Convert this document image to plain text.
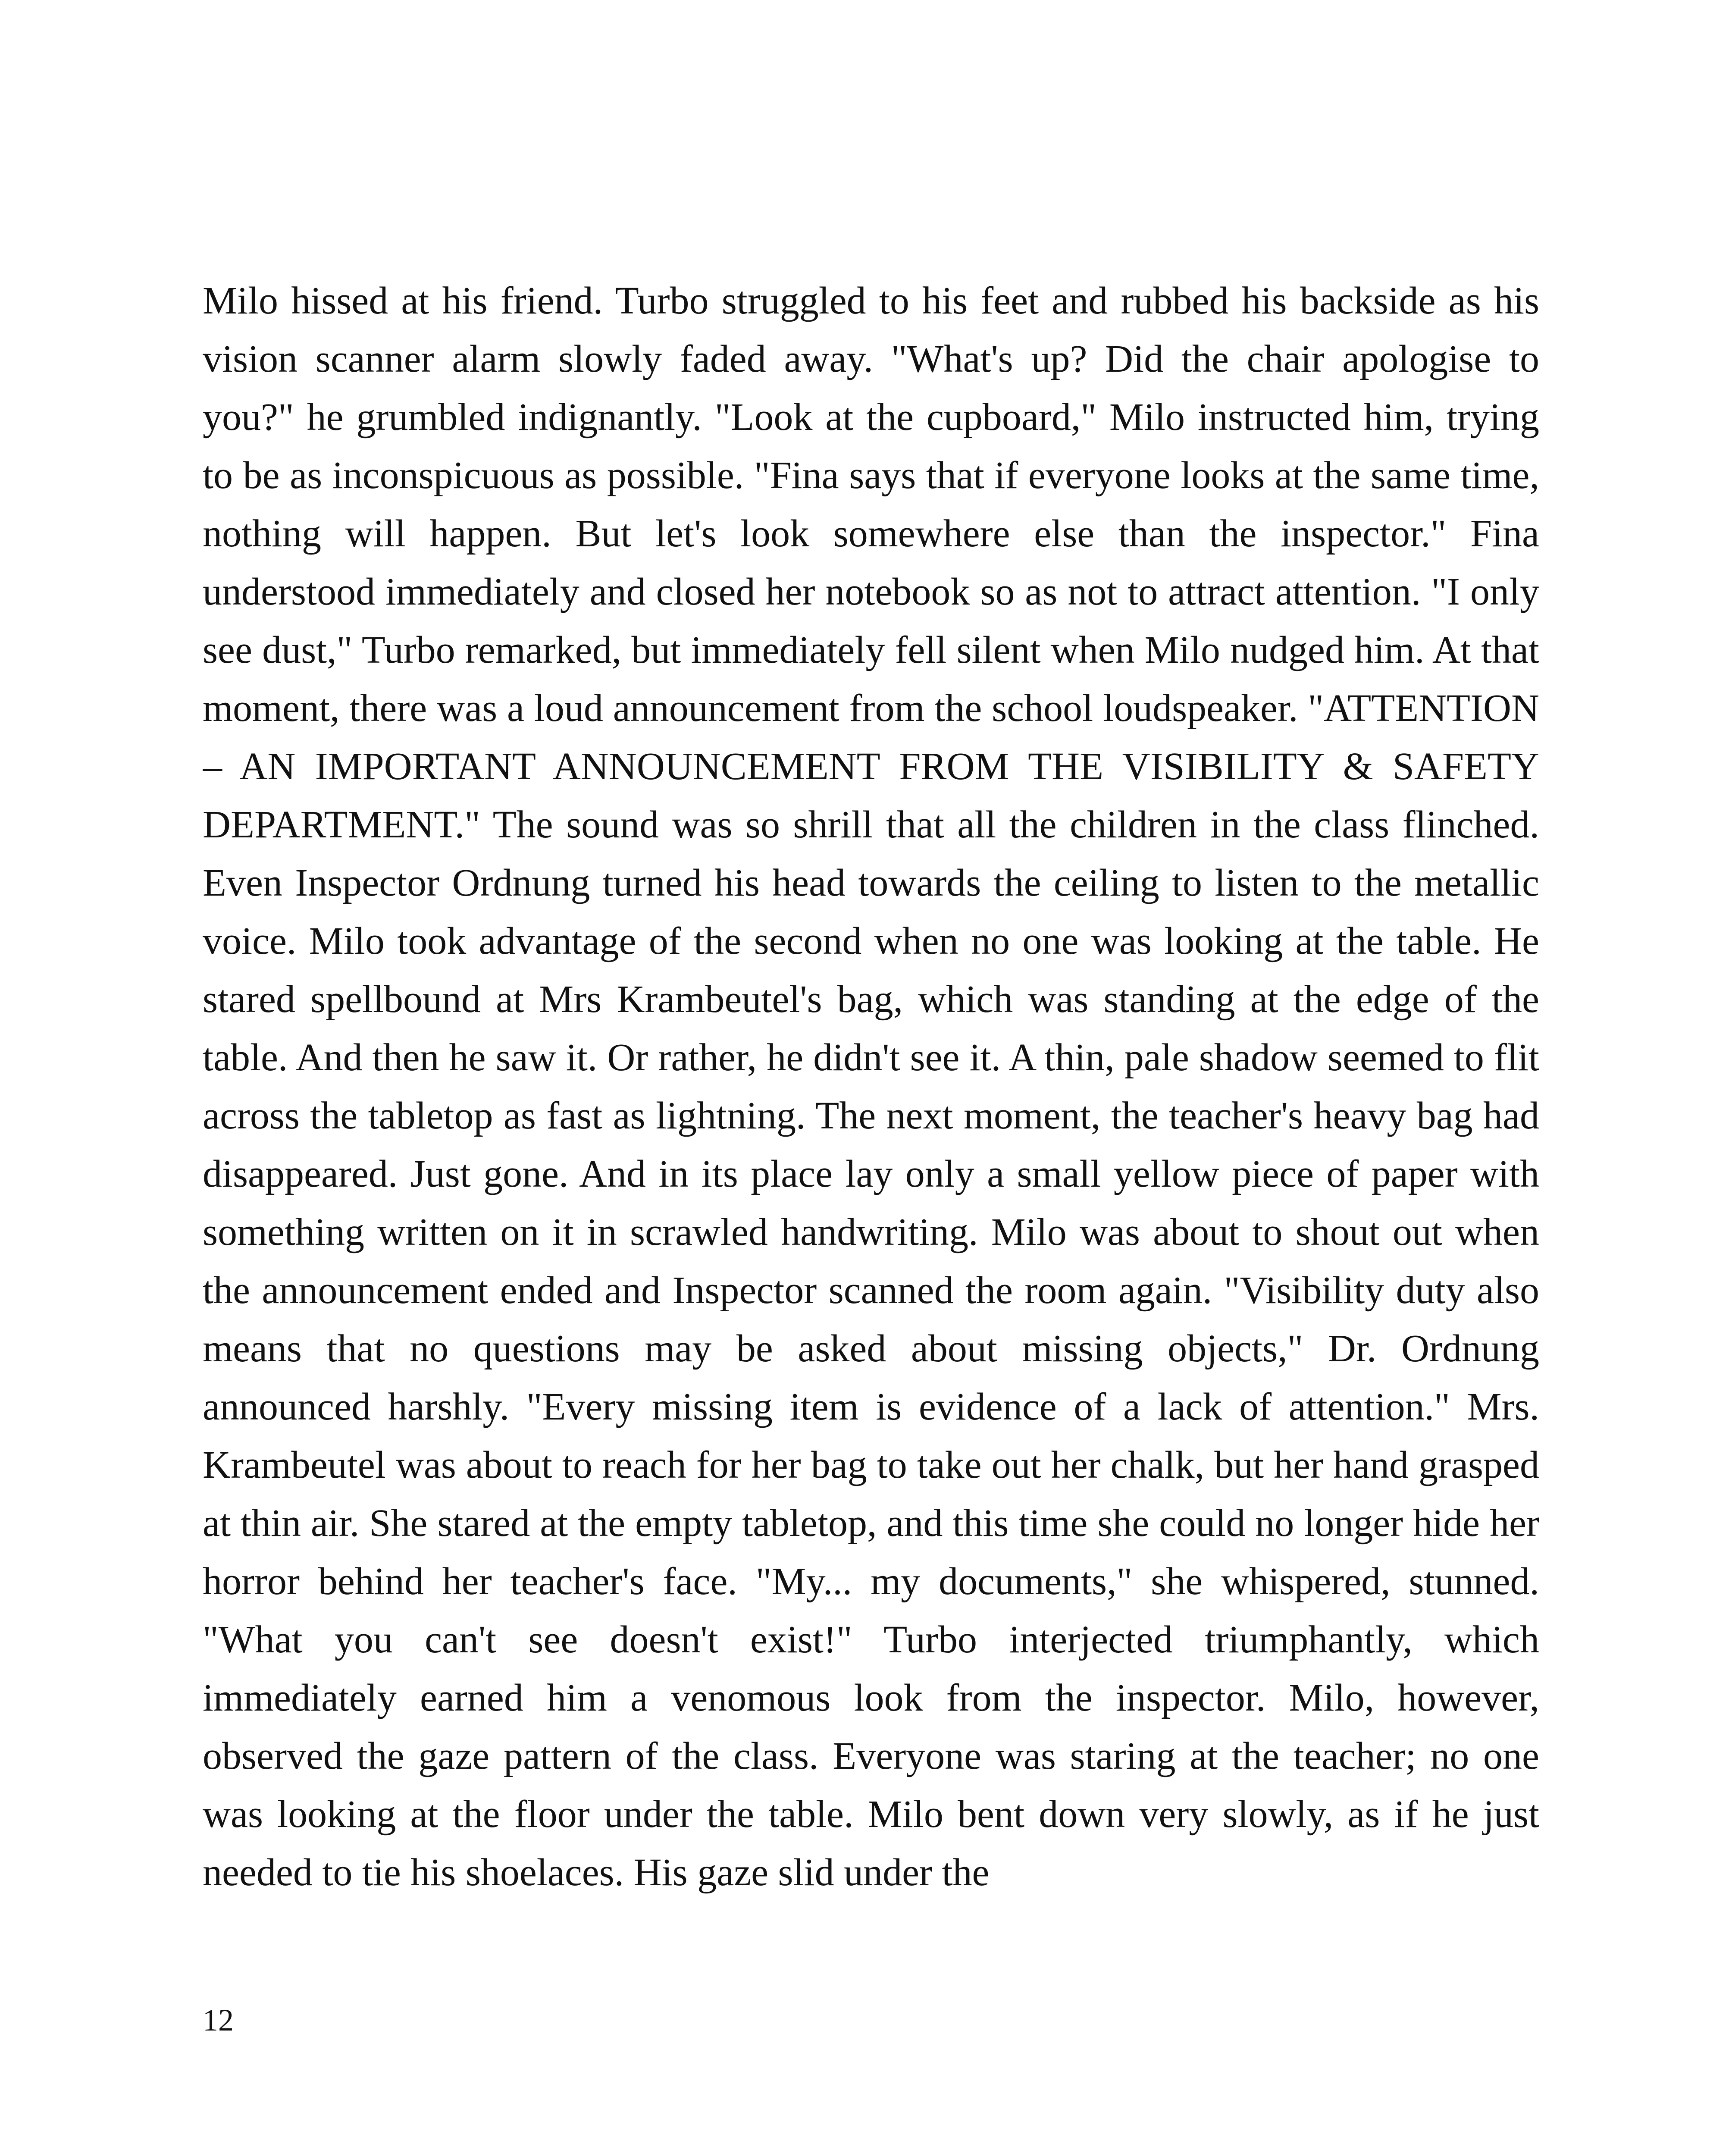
Milo hissed at his friend. Turbo struggled to his feet and rubbed his backside as his vision scanner alarm slowly faded away. "What's up? Did the chair apologise to you?" he grumbled indignantly. "Look at the cupboard," Milo instructed him, trying to be as inconspicuous as possible. "Fina says that if everyone looks at the same time, nothing will happen. But let's look somewhere else than the inspector." Fina understood immediately and closed her notebook so as not to attract attention. "I only see dust," Turbo remarked, but immediately fell silent when Milo nudged him. At that moment, there was a loud announcement from the school loudspeaker. "ATTENTION – AN IMPORTANT ANNOUNCEMENT FROM THE VISIBILITY & SAFETY DEPARTMENT." The sound was so shrill that all the children in the class flinched. Even Inspector Ordnung turned his head towards the ceiling to listen to the metallic voice. Milo took advantage of the second when no one was looking at the table. He stared spellbound at Mrs Krambeutel's bag, which was standing at the edge of the table. And then he saw it. Or rather, he didn't see it. A thin, pale shadow seemed to flit across the tabletop as fast as lightning. The next moment, the teacher's heavy bag had disappeared. Just gone. And in its place lay only a small yellow piece of paper with something written on it in scrawled handwriting. Milo was about to shout out when the announcement ended and Inspector scanned the room again. "Visibility duty also means that no questions may be asked about missing objects," Dr. Ordnung announced harshly. "Every missing item is evidence of a lack of attention." Mrs. Krambeutel was about to reach for her bag to take out her chalk, but her hand grasped at thin air. She stared at the empty tabletop, and this time she could no longer hide her horror behind her teacher's face. "My... my documents," she whispered, stunned. "What you can't see doesn't exist!" Turbo interjected triumphantly, which immediately earned him a venomous look from the inspector. Milo, however, observed the gaze pattern of the class. Everyone was staring at the teacher; no one was looking at the floor under the table. Milo bent down very slowly, as if he just needed to tie his shoelaces. His gaze slid under the

12
